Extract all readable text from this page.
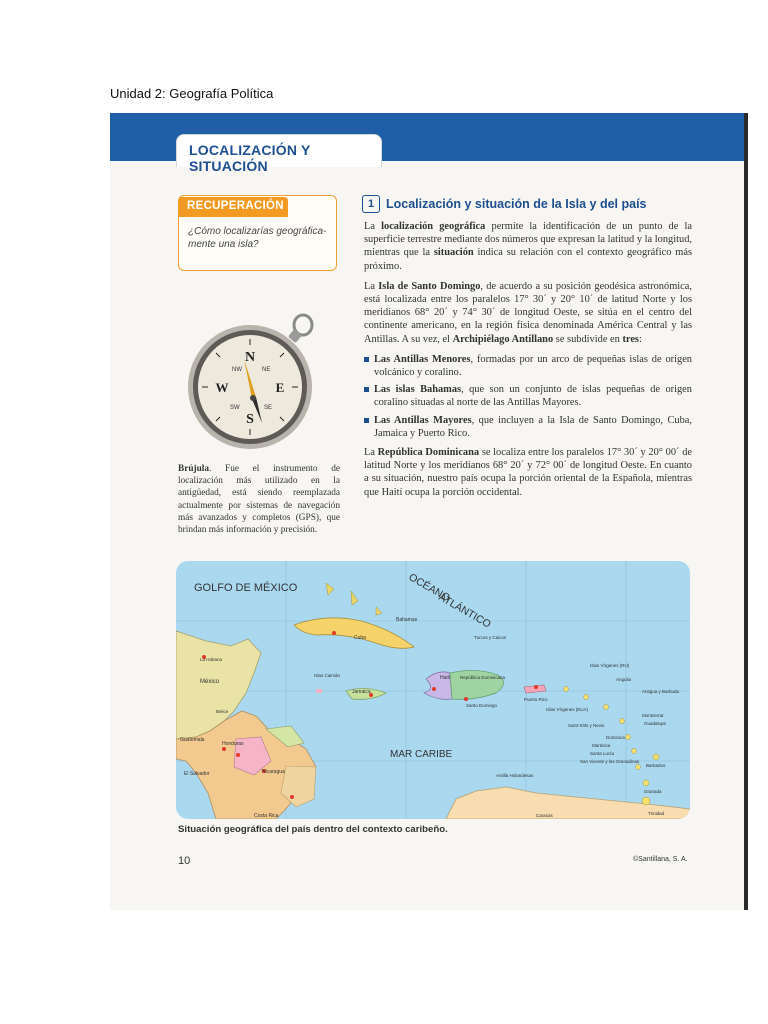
Unidad 2: Geografía Política
LOCALIZACIÓN Y SITUACIÓN
RECUPERACIÓN
¿Cómo localizarías geográfica-mente una isla?
N
S
W	E
NW	NE
SW	SE
Brújula. Fue el instrumento de localización más utilizado en la antigüedad, está siendo reemplazada actualmente por sistemas de navegación más avanzados y completos (GPS), que brindan más información y precisión.
1 Localización y situación de la Isla y del país

La localización geográfica permite la identificación de un punto de la superficie terrestre mediante dos números que expresan la latitud y la longitud, mientras que la situación indica su relación con el contexto geográfico más próximo.

La Isla de Santo Domingo, de acuerdo a su posición geodésica astronómica, está localizada entre los paralelos 17° 30´ y 20° 10´ de latitud Norte y los meridianos 68° 20´ y 74° 30´ de longitud Oeste, se sitúa en el centro del continente americano, en la región física denominada América Central y las Antillas. A su vez, el Archipiélago Antillano se subdivide en tres:

Las Antillas Menores, formadas por un arco de pequeñas islas de origen volcánico y coralino.
Las islas Bahamas, que son un conjunto de islas pequeñas de origen coralino situadas al norte de las Antillas Mayores.
Las Antillas Mayores, que incluyen a la Isla de Santo Domingo, Cuba, Jamaica y Puerto Rico.

La República Dominicana se localiza entre los paralelos 17° 30´ y 20° 00´ de latitud Norte y los meridianos 68° 20´ y 72° 00´ de longitud Oeste. En cuanto a su situación, nuestro país ocupa la porción oriental de la Española, mientras que Haití ocupa la porción occidental.

GOLFO DE MÉXICO	OCÉANO
ATLÁNTICO
MAR CARIBE
México
La Habana
Cuba
Bahamas
Haití República Dominicana
Santo Domingo
Jamaica
Islas Caimán
Turcos y Caicos
Puerto Rico
Islas Vírgenes (RU)
Islas Vírgenes (EUA)
Anguila
Antigua y Barbuda
Saint Kitts y Nevis
Montserrat
Guadalupe
Dominica
Martinica
Santa Lucía
San Vicente y las Granadinas
Barbados
Granada
Trinidad
Antilla Holandesas
Caracas
Guatemala
Honduras
Nicaragua
El Salvador
Costa Rica
Belice
Situación geográfica del país dentro del contexto caribeño.
10	©Santillana, S. A.
